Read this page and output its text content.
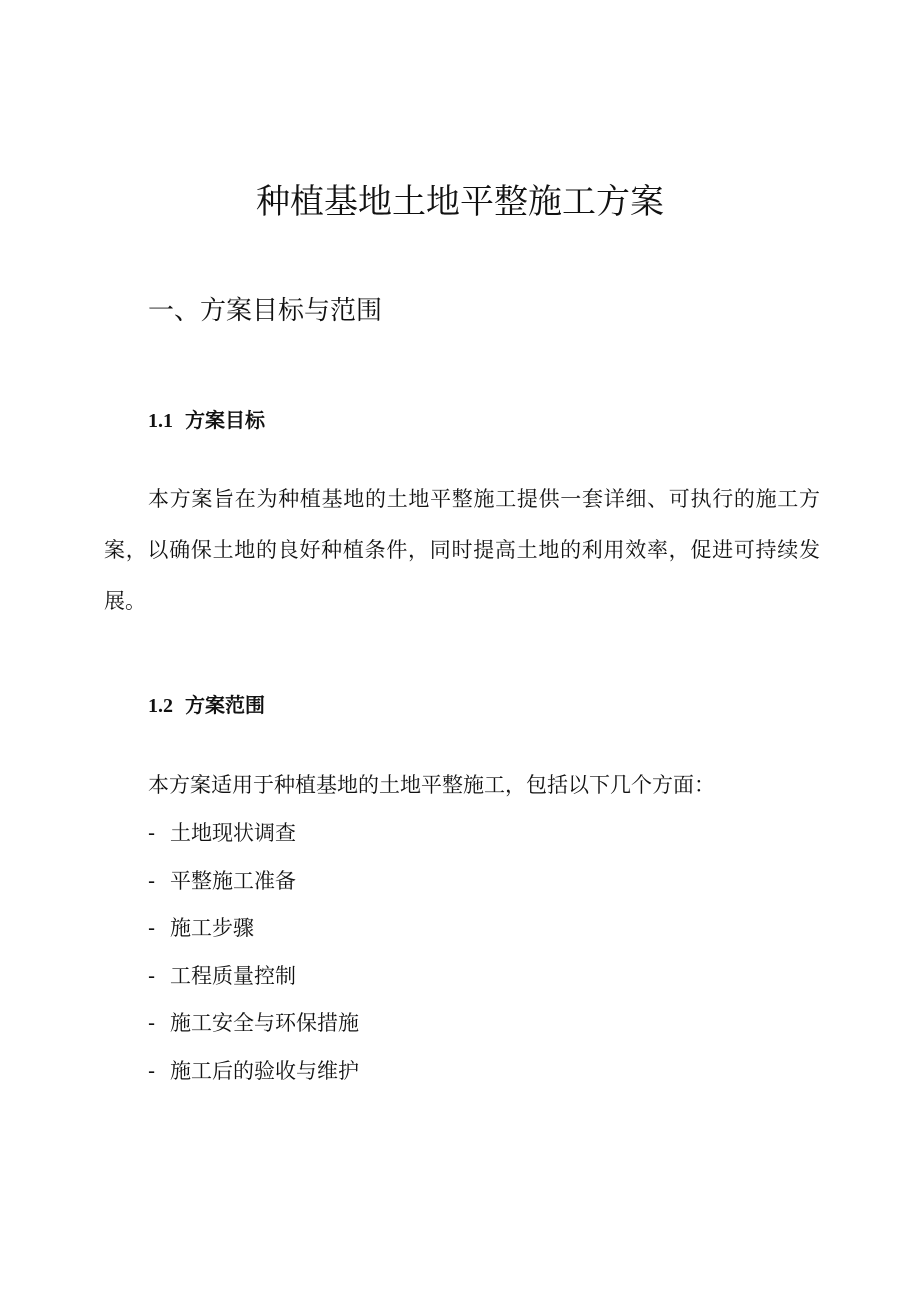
种植基地土地平整施工方案
一、方案目标与范围
1.1 方案目标

本方案旨在为种植基地的土地平整施工提供一套详细、可执行的施工方案，以确保土地的良好种植条件，同时提高土地的利用效率，促进可持续发展。

1.2 方案范围

本方案适用于种植基地的土地平整施工，包括以下几个方面：

- 土地现状调查
- 平整施工准备
- 施工步骤
- 工程质量控制
- 施工安全与环保措施
- 施工后的验收与维护
